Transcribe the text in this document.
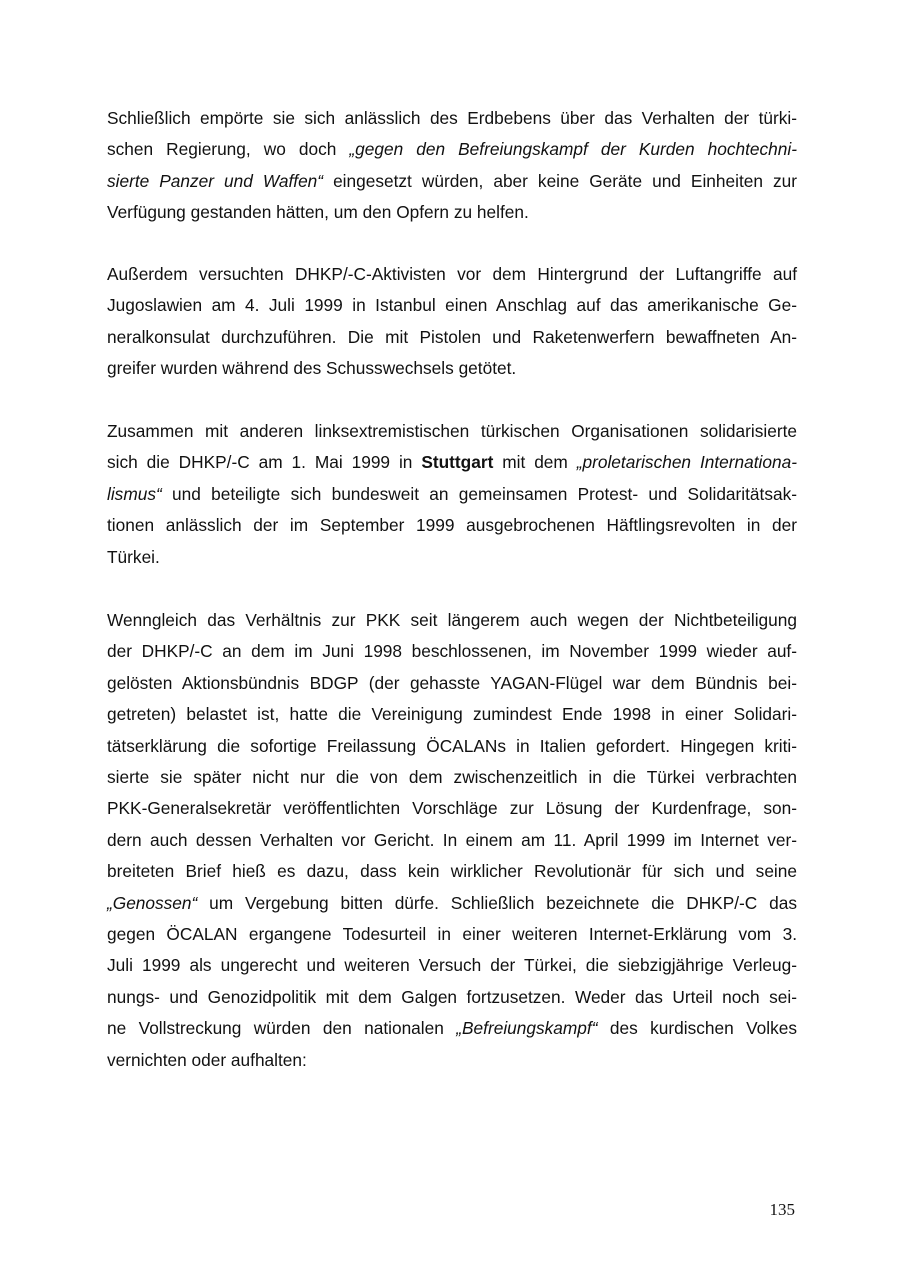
Schließlich empörte sie sich anlässlich des Erdbebens über das Verhalten der türki-
schen Regierung, wo doch „gegen den Befreiungskampf der Kurden hochtechni-
sierte Panzer und Waffen“ eingesetzt würden, aber keine Geräte und Einheiten zur
Verfügung gestanden hätten, um den Opfern zu helfen.

Außerdem versuchten DHKP/-C-Aktivisten vor dem Hintergrund der Luftangriffe auf
Jugoslawien am 4. Juli 1999 in Istanbul einen Anschlag auf das amerikanische Ge-
neralkonsulat durchzuführen. Die mit Pistolen und Raketenwerfern bewaffneten An-
greifer wurden während des Schusswechsels getötet.

Zusammen mit anderen linksextremistischen türkischen Organisationen solidarisierte
sich die DHKP/-C am 1. Mai 1999 in Stuttgart mit dem „proletarischen Internationa-
lismus“ und beteiligte sich bundesweit an gemeinsamen Protest- und Solidaritätsak-
tionen anlässlich der im September 1999 ausgebrochenen Häftlingsrevolten in der
Türkei.

Wenngleich das Verhältnis zur PKK seit längerem auch wegen der Nichtbeteiligung
der DHKP/-C an dem im Juni 1998 beschlossenen, im November 1999 wieder auf-
gelösten Aktionsbündnis BDGP (der gehasste YAGAN-Flügel war dem Bündnis bei-
getreten) belastet ist, hatte die Vereinigung zumindest Ende 1998 in einer Solidari-
tätserklärung die sofortige Freilassung ÖCALANs in Italien gefordert. Hingegen kriti-
sierte sie später nicht nur die von dem zwischenzeitlich in die Türkei verbrachten
PKK-Generalsekretär veröffentlichten Vorschläge zur Lösung der Kurdenfrage, son-
dern auch dessen Verhalten vor Gericht. In einem am 11. April 1999 im Internet ver-
breiteten Brief hieß es dazu, dass kein wirklicher Revolutionär für sich und seine
„Genossen“ um Vergebung bitten dürfe. Schließlich bezeichnete die DHKP/-C das
gegen ÖCALAN ergangene Todesurteil in einer weiteren Internet-Erklärung vom 3.
Juli 1999 als ungerecht und weiteren Versuch der Türkei, die siebzigjährige Verleug-
nungs- und Genozidpolitik mit dem Galgen fortzusetzen. Weder das Urteil noch sei-
ne Vollstreckung würden den nationalen „Befreiungskampf“ des kurdischen Volkes
vernichten oder aufhalten:

135
